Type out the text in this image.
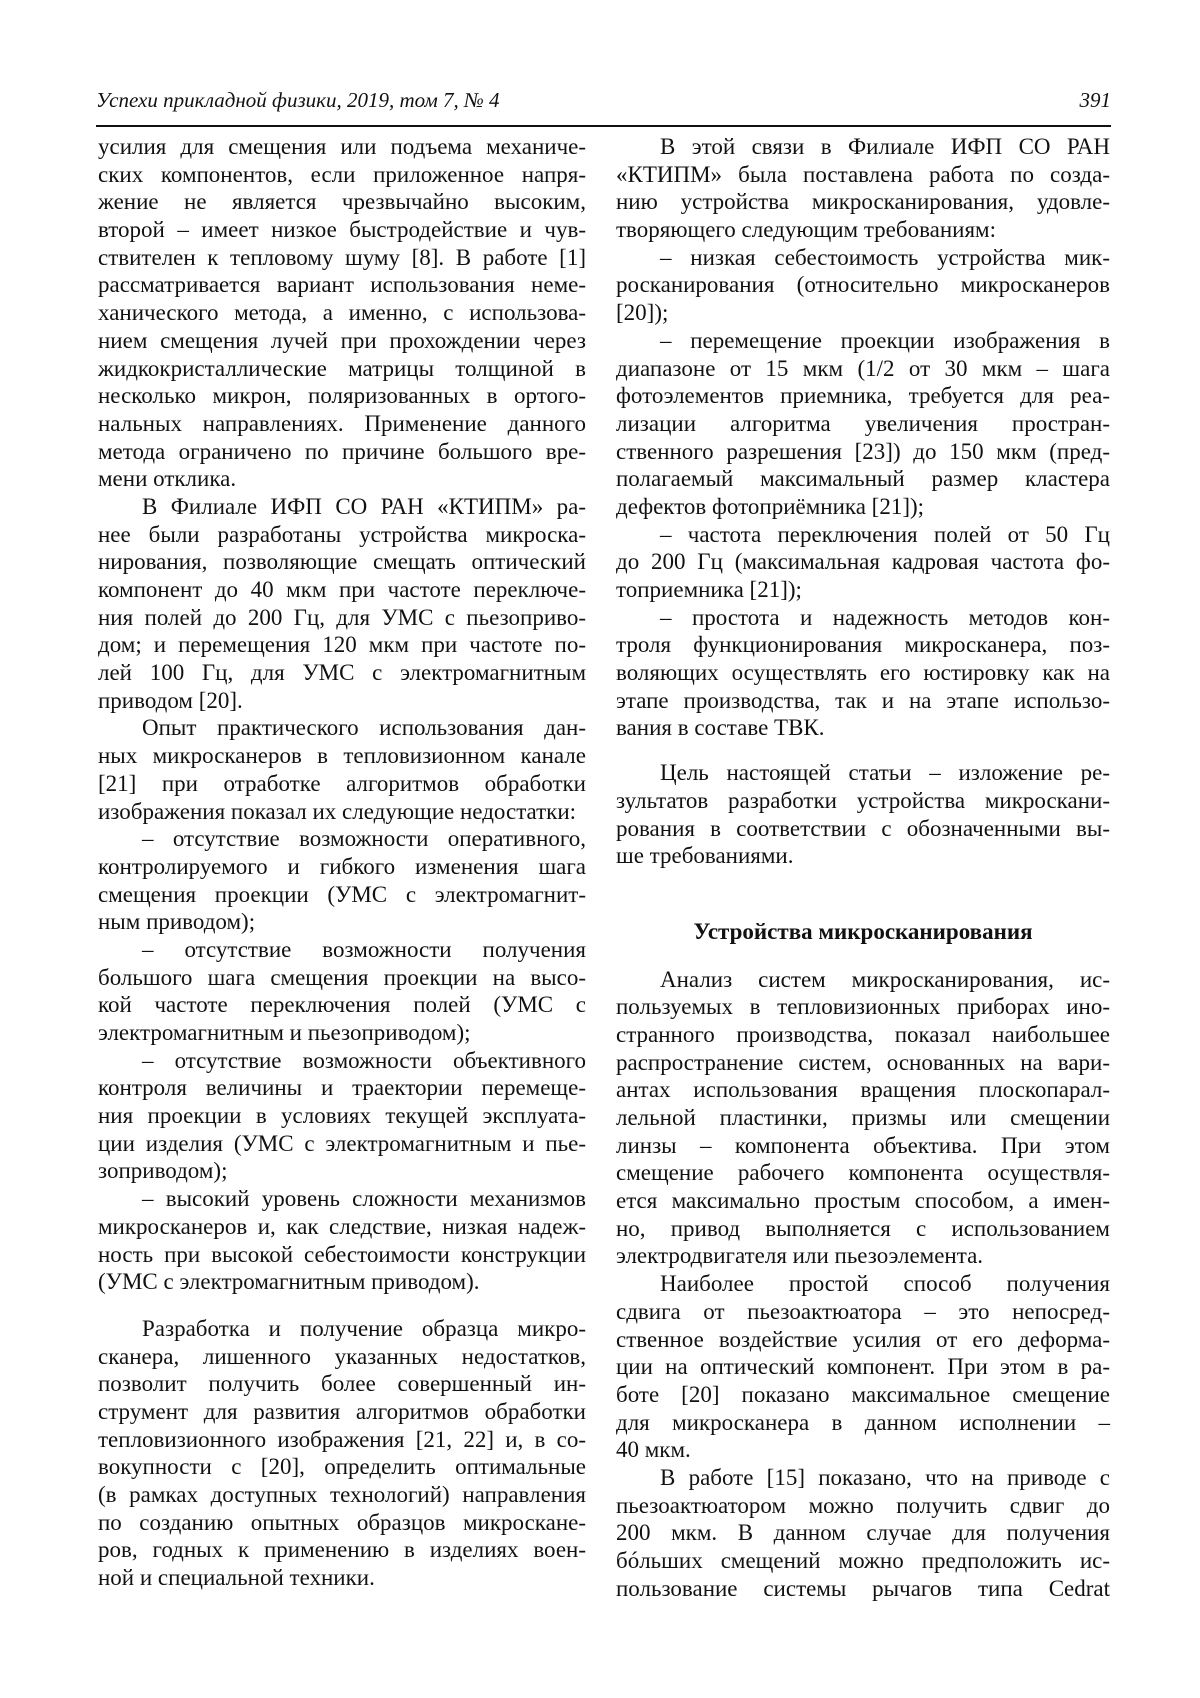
Успехи прикладной физики, 2019, том 7, № 4	391
усилия для смещения или подъема механиче-
ских компонентов, если приложенное напря-
жение не является чрезвычайно высоким,
второй – имеет низкое быстродействие и чув-
ствителен к тепловому шуму [8]. В работе [1]
рассматривается вариант использования неме-
ханического метода, а именно, с использова-
нием смещения лучей при прохождении через
жидкокристаллические матрицы толщиной в
несколько микрон, поляризованных в ортого-
нальных направлениях. Применение данного
метода ограничено по причине большого вре-
мени отклика.
В Филиале ИФП СО РАН «КТИПМ» ра-
нее были разработаны устройства микроска-
нирования, позволяющие смещать оптический
компонент до 40 мкм при частоте переключе-
ния полей до 200 Гц, для УМС с пьезоприво-
дом; и перемещения 120 мкм при частоте по-
лей 100 Гц, для УМС с электромагнитным
приводом [20].
Опыт практического использования дан-
ных микросканеров в тепловизионном канале
[21] при отработке алгоритмов обработки
изображения показал их следующие недостатки:
– отсутствие возможности оперативного,
контролируемого и гибкого изменения шага
смещения проекции (УМС с электромагнит-
ным приводом);
– отсутствие возможности получения
большого шага смещения проекции на высо-
кой частоте переключения полей (УМС с
электромагнитным и пьезоприводом);
– отсутствие возможности объективного
контроля величины и траектории перемеще-
ния проекции в условиях текущей эксплуата-
ции изделия (УМС с электромагнитным и пье-
зоприводом);
– высокий уровень сложности механизмов
микросканеров и, как следствие, низкая надеж-
ность при высокой себестоимости конструкции
(УМС с электромагнитным приводом).
Разработка и получение образца микро-
сканера, лишенного указанных недостатков,
позволит получить более совершенный ин-
струмент для развития алгоритмов обработки
тепловизионного изображения [21, 22] и, в со-
вокупности с [20], определить оптимальные
(в рамках доступных технологий) направления
по созданию опытных образцов микроскане-
ров, годных к применению в изделиях воен-
ной и специальной техники.
В этой связи в Филиале ИФП СО РАН
«КТИПМ» была поставлена работа по созда-
нию устройства микросканирования, удовле-
творяющего следующим требованиям:
– низкая себестоимость устройства мик-
росканирования (относительно микросканеров
[20]);
– перемещение проекции изображения в
диапазоне от 15 мкм (1/2 от 30 мкм – шага
фотоэлементов приемника, требуется для реа-
лизации алгоритма увеличения простран-
ственного разрешения [23]) до 150 мкм (пред-
полагаемый максимальный размер кластера
дефектов фотоприёмника [21]);
– частота переключения полей от 50 Гц
до 200 Гц (максимальная кадровая частота фо-
топриемника [21]);
– простота и надежность методов кон-
троля функционирования микросканера, поз-
воляющих осуществлять его юстировку как на
этапе производства, так и на этапе использо-
вания в составе ТВК.
Цель настоящей статьи – изложение ре-
зультатов разработки устройства микроскани-
рования в соответствии с обозначенными вы-
ше требованиями.
Устройства микросканирования
Анализ систем микросканирования, ис-
пользуемых в тепловизионных приборах ино-
странного производства, показал наибольшее
распространение систем, основанных на вари-
антах использования вращения плоскопарал-
лельной пластинки, призмы или смещении
линзы – компонента объектива. При этом
смещение рабочего компонента осуществля-
ется максимально простым способом, а имен-
но, привод выполняется с использованием
электродвигателя или пьезоэлемента.
Наиболее простой способ получения
сдвига от пьезоактюатора – это непосред-
ственное воздействие усилия от его деформа-
ции на оптический компонент. При этом в ра-
боте [20] показано максимальное смещение
для микросканера в данном исполнении –
40 мкм.
В работе [15] показано, что на приводе с
пьезоактюатором можно получить сдвиг до
200 мкм. В данном случае для получения
бóльших смещений можно предположить ис-
пользование системы рычагов типа Cedrat
